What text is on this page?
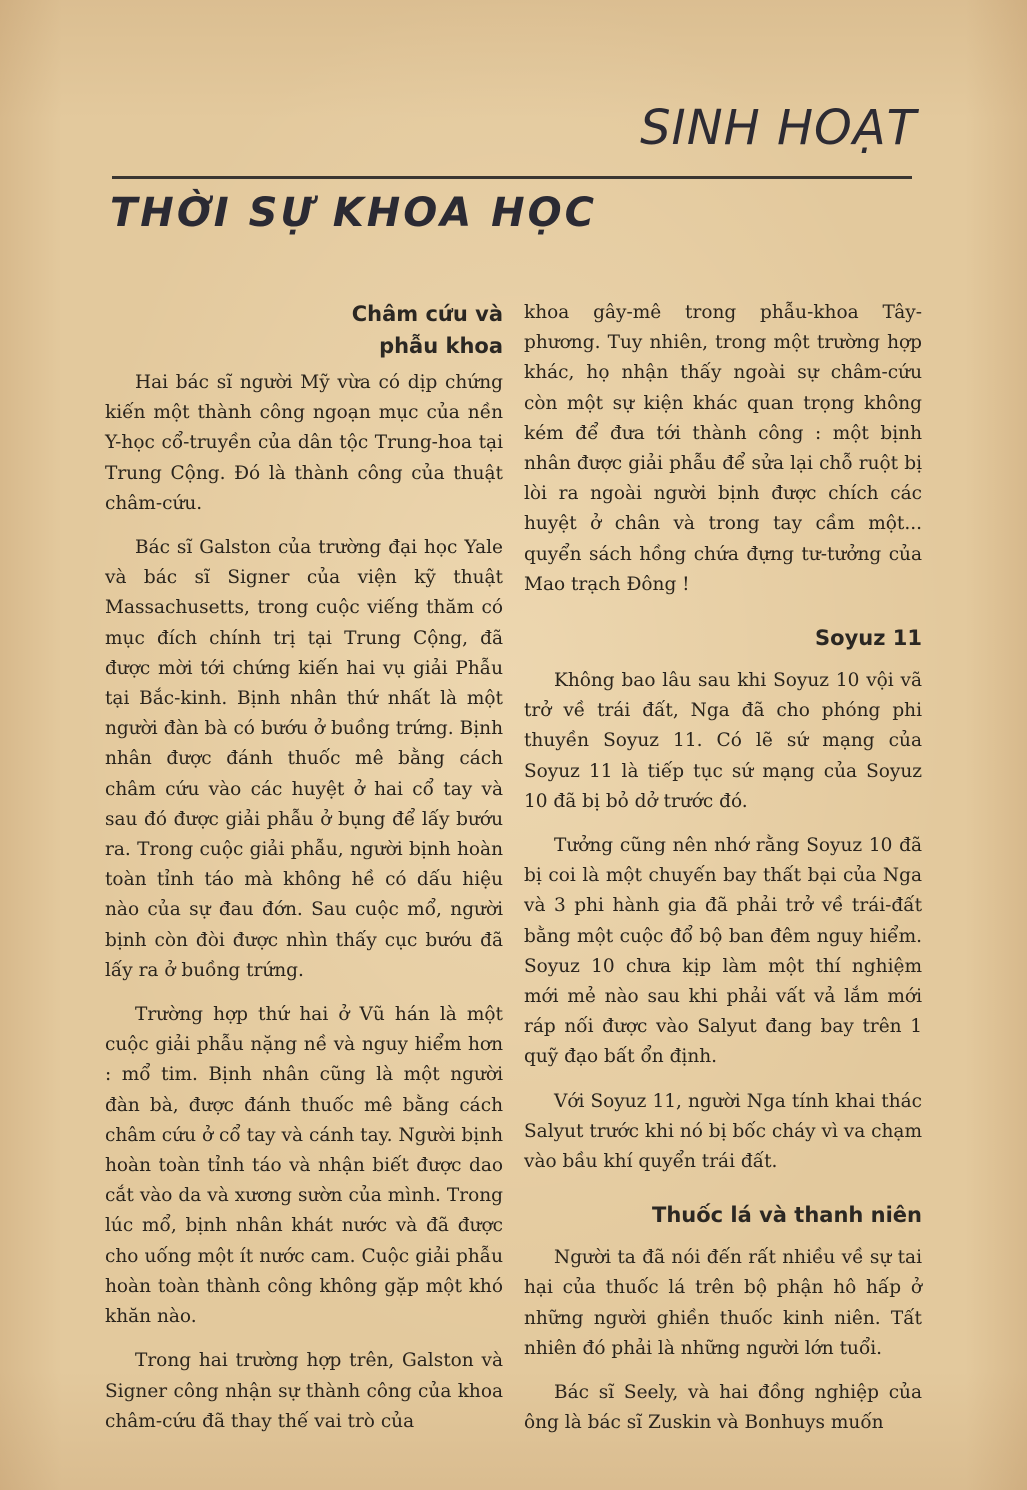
SINH HOẠT
THỜI SỰ KHOA HỌC
Châm cứu và phẫu khoa

Hai bác sĩ người Mỹ vừa có dịp chứng kiến một thành công ngoạn mục của nền Y-học cổ-truyền của dân tộc Trung-hoa tại Trung Cộng. Đó là thành công của thuật châm-cứu.

Bác sĩ Galston của trường đại học Yale và bác sĩ Signer của viện kỹ thuật Massachusetts, trong cuộc viếng thăm có mục đích chính trị tại Trung Cộng, đã được mời tới chứng kiến hai vụ giải Phẫu tại Bắc-kinh. Bịnh nhân thứ nhất là một người đàn bà có bướu ở buồng trứng. Bịnh nhân được đánh thuốc mê bằng cách châm cứu vào các huyệt ở hai cổ tay và sau đó được giải phẫu ở bụng để lấy bướu ra. Trong cuộc giải phẫu, người bịnh hoàn toàn tỉnh táo mà không hề có dấu hiệu nào của sự đau đớn. Sau cuộc mổ, người bịnh còn đòi được nhìn thấy cục bướu đã lấy ra ở buồng trứng.

Trường hợp thứ hai ở Vũ hán là một cuộc giải phẫu nặng nề và nguy hiểm hơn : mổ tim. Bịnh nhân cũng là một người đàn bà, được đánh thuốc mê bằng cách châm cứu ở cổ tay và cánh tay. Người bịnh hoàn toàn tỉnh táo và nhận biết được dao cắt vào da và xương sườn của mình. Trong lúc mổ, bịnh nhân khát nước và đã được cho uống một ít nước cam. Cuộc giải phẫu hoàn toàn thành công không gặp một khó khăn nào.

Trong hai trường hợp trên, Galston và Signer công nhận sự thành công của khoa châm-cứu đã thay thế vai trò của

khoa gây-mê trong phẫu-khoa Tây-phương. Tuy nhiên, trong một trường hợp khác, họ nhận thấy ngoài sự châm-cứu còn một sự kiện khác quan trọng không kém để đưa tới thành công : một bịnh nhân được giải phẫu để sửa lại chỗ ruột bị lòi ra ngoài người bịnh được chích các huyệt ở chân và trong tay cầm một... quyển sách hồng chứa đựng tư-tưởng của Mao trạch Đông !

Soyuz 11

Không bao lâu sau khi Soyuz 10 vội vã trở về trái đất, Nga đã cho phóng phi thuyền Soyuz 11. Có lẽ sứ mạng của Soyuz 11 là tiếp tục sứ mạng của Soyuz 10 đã bị bỏ dở trước đó.

Tưởng cũng nên nhớ rằng Soyuz 10 đã bị coi là một chuyến bay thất bại của Nga và 3 phi hành gia đã phải trở về trái-đất bằng một cuộc đổ bộ ban đêm nguy hiểm. Soyuz 10 chưa kịp làm một thí nghiệm mới mẻ nào sau khi phải vất vả lắm mới ráp nối được vào Salyut đang bay trên 1 quỹ đạo bất ổn định.

Với Soyuz 11, người Nga tính khai thác Salyut trước khi nó bị bốc cháy vì va chạm vào bầu khí quyển trái đất.

Thuốc lá và thanh niên

Người ta đã nói đến rất nhiều về sự tai hại của thuốc lá trên bộ phận hô hấp ở những người ghiền thuốc kinh niên. Tất nhiên đó phải là những người lớn tuổi.

Bác sĩ Seely, và hai đồng nghiệp của ông là bác sĩ Zuskin và Bonhuys muốn
